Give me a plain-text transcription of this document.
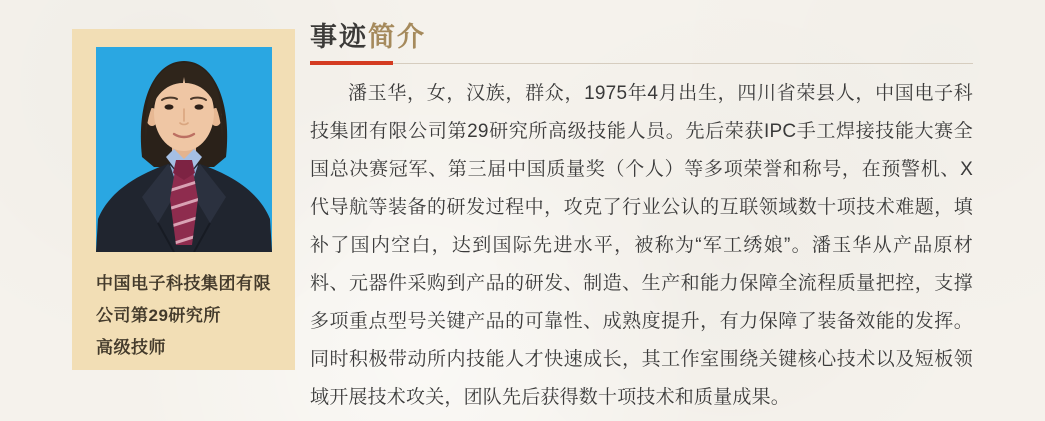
中国电子科技集团有限公司第29研究所
高级技师
事迹简介

潘玉华，女，汉族，群众，1975年4月出生，四川省荣县人，中国电子科技集团有限公司第29研究所高级技能人员。先后荣获IPC手工焊接技能大赛全国总决赛冠军、第三届中国质量奖（个人）等多项荣誉和称号，在预警机、X代导航等装备的研发过程中，攻克了行业公认的互联领域数十项技术难题，填补了国内空白，达到国际先进水平，被称为“军工绣娘”。潘玉华从产品原材料、元器件采购到产品的研发、制造、生产和能力保障全流程质量把控，支撑多项重点型号关键产品的可靠性、成熟度提升，有力保障了装备效能的发挥。同时积极带动所内技能人才快速成长，其工作室围绕关键核心技术以及短板领域开展技术攻关，团队先后获得数十项技术和质量成果。
